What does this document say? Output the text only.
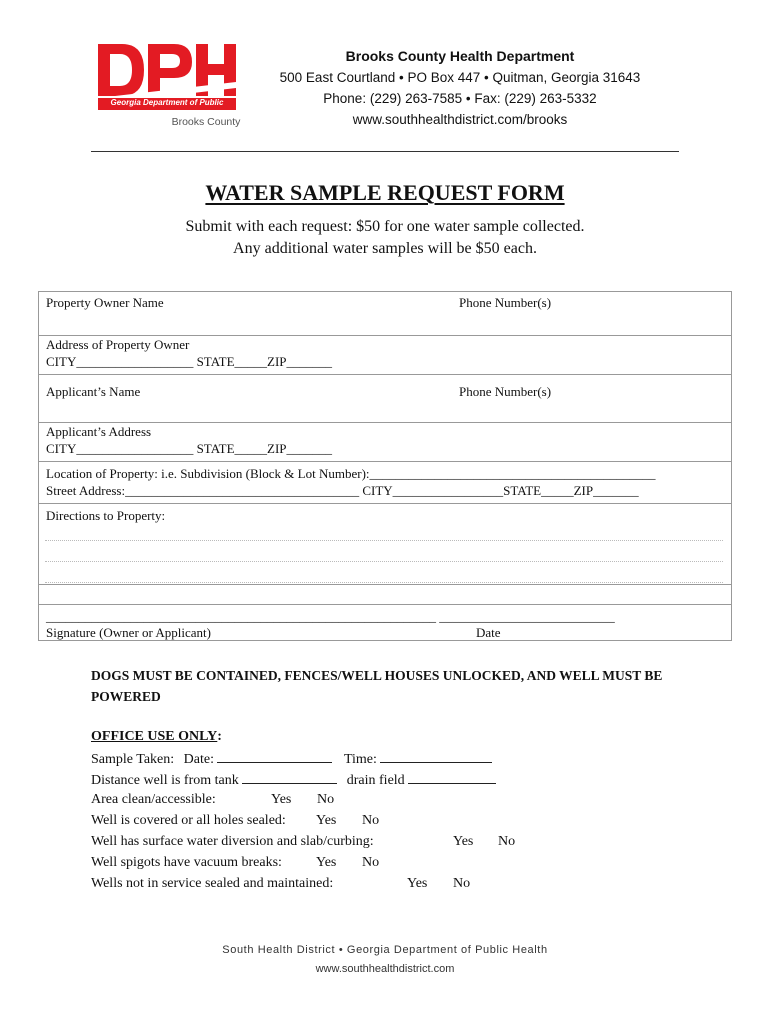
Georgia Department of Public Health
Brooks County
Brooks County Health Department
500 East Courtland • PO Box 447 • Quitman, Georgia 31643
Phone: (229) 263-7585 • Fax: (229) 263-5332
www.southhealthdistrict.com/brooks
WATER SAMPLE REQUEST FORM
Submit with each request: $50 for one water sample collected.
Any additional water samples will be $50 each.
Property Owner Name	Phone Number(s)
Address of Property Owner
CITY__________________ STATE_____ZIP_______
Applicant’s Name	Phone Number(s)
Applicant’s Address
CITY__________________ STATE_____ZIP_______
Location of Property: i.e. Subdivision (Block & Lot Number):____________________________________________
Street Address:____________________________________ CITY_________________STATE_____ZIP_______
Directions to Property:
____________________________________________________________ ___________________________
Signature (Owner or Applicant)	Date
DOGS MUST BE CONTAINED, FENCES/WELL HOUSES UNLOCKED, AND WELL MUST BE POWERED
OFFICE USE ONLY:
Sample Taken: Date:	Time:
Distance well is from tank	drain field
Area clean/accessible:	Yes No
Well is covered or all holes sealed: Yes No
Well has surface water diversion and slab/curbing:	Yes No
Well spigots have vacuum breaks: Yes No
Wells not in service sealed and maintained:	Yes No
South Health District • Georgia Department of Public Health
www.southhealthdistrict.com
